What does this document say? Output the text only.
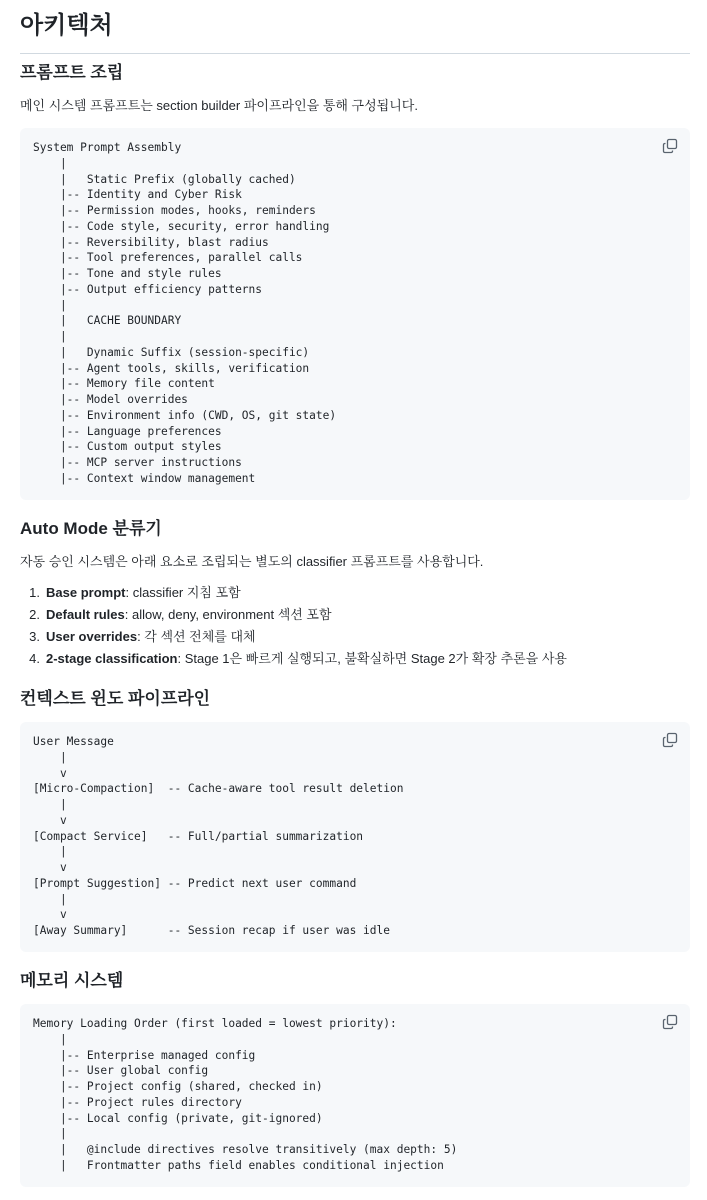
아키텍처
프롬프트 조립

메인 시스템 프롬프트는 section builder 파이프라인을 통해 구성됩니다.

System Prompt Assembly
|
|   Static Prefix (globally cached)
|-- Identity and Cyber Risk
|-- Permission modes, hooks, reminders
|-- Code style, security, error handling
|-- Reversibility, blast radius
|-- Tool preferences, parallel calls
|-- Tone and style rules
|-- Output efficiency patterns
|
|   CACHE BOUNDARY
|
|   Dynamic Suffix (session-specific)
|-- Agent tools, skills, verification
|-- Memory file content
|-- Model overrides
|-- Environment info (CWD, OS, git state)
|-- Language preferences
|-- Custom output styles
|-- MCP server instructions
|-- Context window management
Auto Mode 분류기

자동 승인 시스템은 아래 요소로 조립되는 별도의 classifier 프롬프트를 사용합니다.

1. Base prompt: classifier 지침 포함
2. Default rules: allow, deny, environment 섹션 포함
3. User overrides: 각 섹션 전체를 대체
4. 2-stage classification: Stage 1은 빠르게 실행되고, 불확실하면 Stage 2가 확장 추론을 사용
컨텍스트 윈도 파이프라인
User Message
|
v
[Micro-Compaction]  -- Cache-aware tool result deletion
|
v
[Compact Service]   -- Full/partial summarization
|
v
[Prompt Suggestion] -- Predict next user command
|
v
[Away Summary]      -- Session recap if user was idle
메모리 시스템
Memory Loading Order (first loaded = lowest priority):
|
|-- Enterprise managed config
|-- User global config
|-- Project config (shared, checked in)
|-- Project rules directory
|-- Local config (private, git-ignored)
|
|   @include directives resolve transitively (max depth: 5)
|   Frontmatter paths field enables conditional injection
